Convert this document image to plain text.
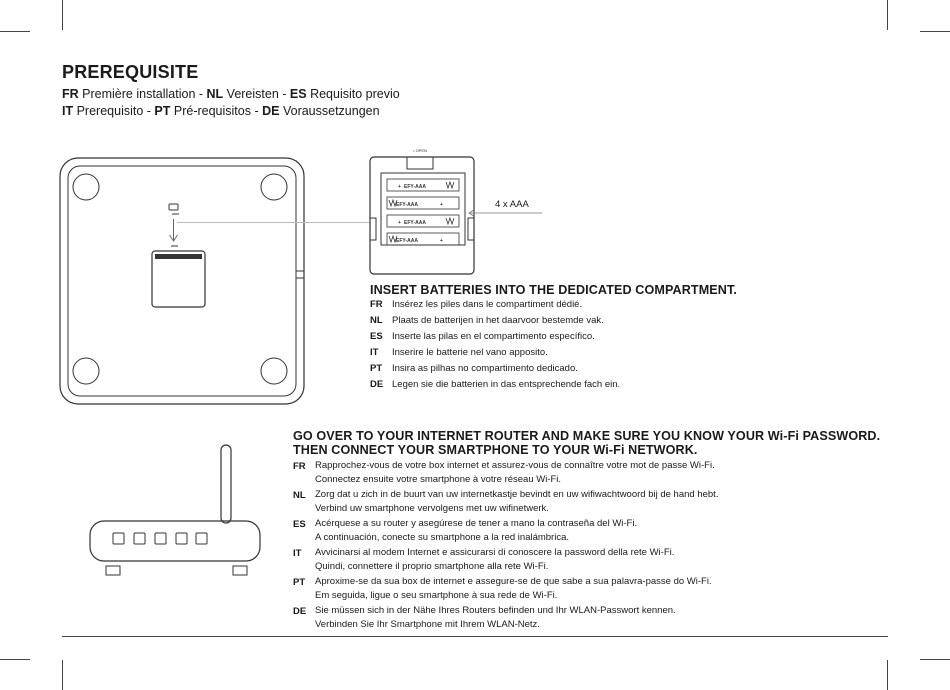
PREREQUISITE
FR Première installation - NL Vereisten - ES Requisito previo
IT Prerequisito - PT Pré-requisitos - DE Voraussetzungen
• OPEN
+ EFY-AAA
EFY-AAA	+
+ EFY-AAA
EFY-AAA	+
4 x AAA
INSERT BATTERIES INTO THE DEDICATED COMPARTMENT.
FR Insérez les piles dans le compartiment dédié.
NL Plaats de batterijen in het daarvoor bestemde vak.
ES Inserte las pilas en el compartimento específico.
IT Inserire le batterie nel vano apposito.
PT Insira as pilhas no compartimento dedicado.
DE Legen sie die batterien in das entsprechende fach ein.
GO OVER TO YOUR INTERNET ROUTER AND MAKE SURE YOU KNOW YOUR Wi-Fi PASSWORD.
THEN CONNECT YOUR SMARTPHONE TO YOUR Wi-Fi NETWORK.
FR Rapprochez-vous de votre box internet et assurez-vous de connaître votre mot de passe Wi-Fi.
Connectez ensuite votre smartphone à votre réseau Wi-Fi.
NL Zorg dat u zich in de buurt van uw internetkastje bevindt en uw wifiwachtwoord bij de hand hebt.
Verbind uw smartphone vervolgens met uw wifinetwerk.
ES Acérquese a su router y asegúrese de tener a mano la contraseña del Wi-Fi.
A continuación, conecte su smartphone a la red inalámbrica.
IT Avvicinarsi al modem Internet e assicurarsi di conoscere la password della rete Wi-Fi.
Quindi, connettere il proprio smartphone alla rete Wi-Fi.
PT Aproxime-se da sua box de internet e assegure-se de que sabe a sua palavra-passe do Wi-Fi.
Em seguida, ligue o seu smartphone à sua rede de Wi-Fi.
DE Sie müssen sich in der Nähe Ihres Routers befinden und Ihr WLAN-Passwort kennen.
Verbinden Sie Ihr Smartphone mit Ihrem WLAN-Netz.
